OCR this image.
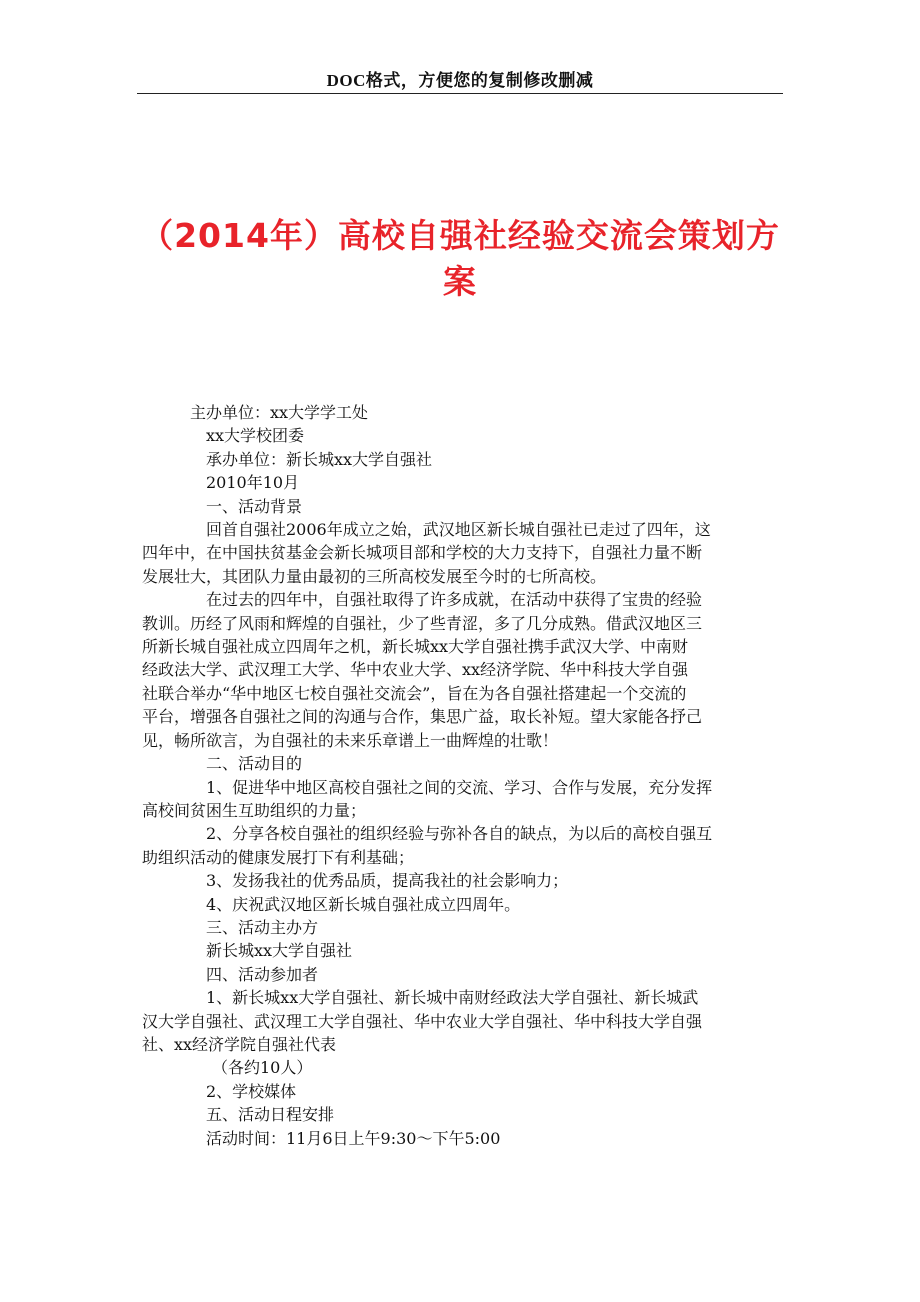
DOC格式，方便您的复制修改删减
（2014年）高校自强社经验交流会策划方
案

主办单位：xx大学学工处

xx大学校团委

承办单位：新长城xx大学自强社

2010年10月

一、活动背景

回首自强社2006年成立之始，武汉地区新长城自强社已走过了四年，这

四年中，在中国扶贫基金会新长城项目部和学校的大力支持下，自强社力量不断

发展壮大，其团队力量由最初的三所高校发展至今时的七所高校。

在过去的四年中，自强社取得了许多成就，在活动中获得了宝贵的经验

教训。历经了风雨和辉煌的自强社，少了些青涩，多了几分成熟。借武汉地区三

所新长城自强社成立四周年之机，新长城xx大学自强社携手武汉大学、中南财

经政法大学、武汉理工大学、华中农业大学、xx经济学院、华中科技大学自强

社联合举办“华中地区七校自强社交流会”，旨在为各自强社搭建起一个交流的

平台，增强各自强社之间的沟通与合作，集思广益，取长补短。望大家能各抒己

见，畅所欲言，为自强社的未来乐章谱上一曲辉煌的壮歌！

二、活动目的

1、促进华中地区高校自强社之间的交流、学习、合作与发展，充分发挥

高校间贫困生互助组织的力量；

2、分享各校自强社的组织经验与弥补各自的缺点，为以后的高校自强互

助组织活动的健康发展打下有利基础；

3、发扬我社的优秀品质，提高我社的社会影响力；

4、庆祝武汉地区新长城自强社成立四周年。

三、活动主办方

新长城xx大学自强社

四、活动参加者

1、新长城xx大学自强社、新长城中南财经政法大学自强社、新长城武

汉大学自强社、武汉理工大学自强社、华中农业大学自强社、华中科技大学自强

社、xx经济学院自强社代表

（各约10人）

2、学校媒体

五、活动日程安排

活动时间：11月6日上午9:30～下午5:00
